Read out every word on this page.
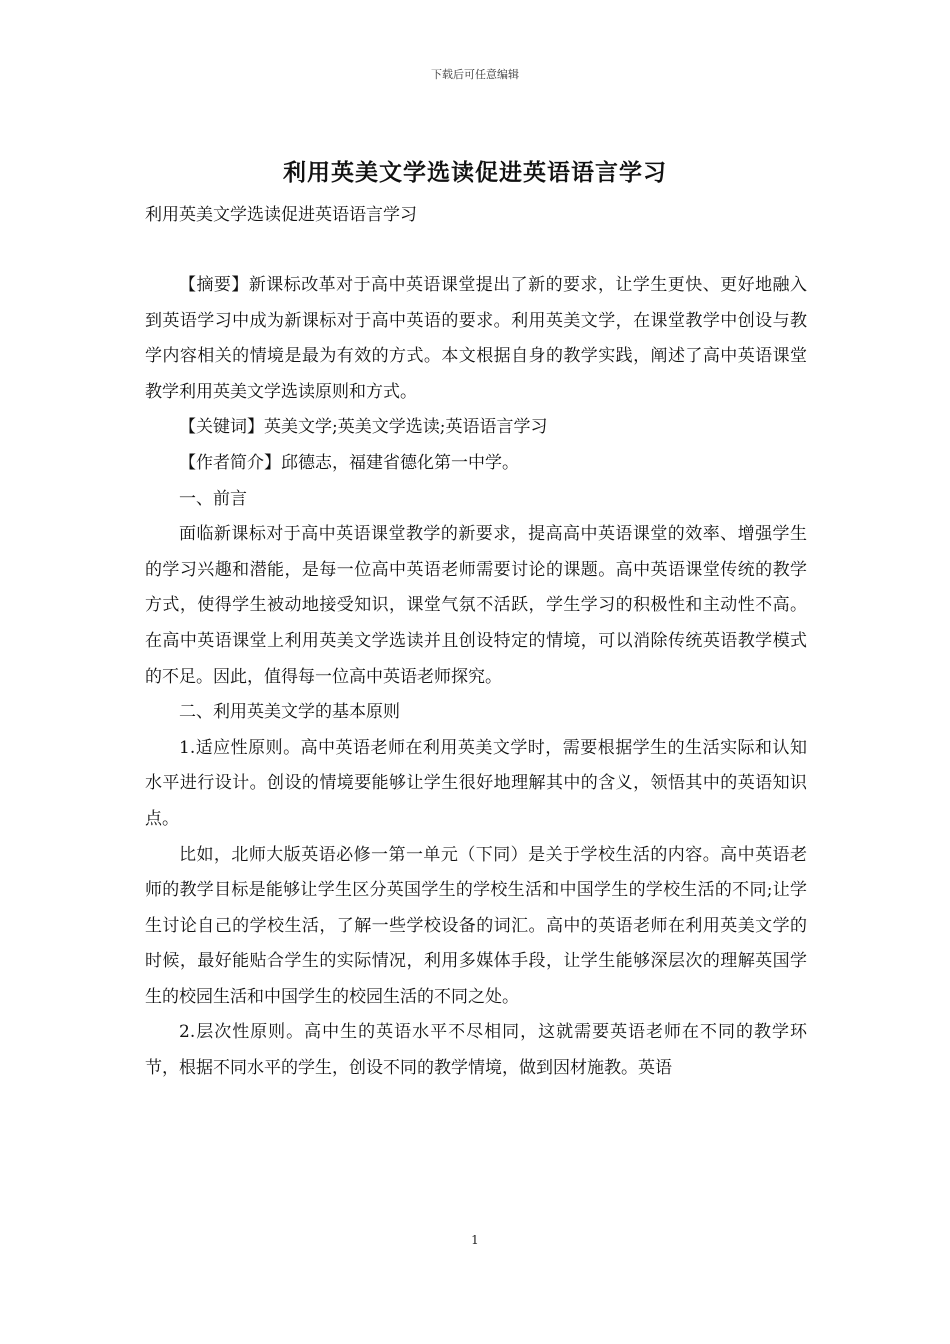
下载后可任意编辑
利用英美文学选读促进英语语言学习
利用英美文学选读促进英语语言学习

【摘要】新课标改革对于高中英语课堂提出了新的要求，让学生更快、更好地融入到英语学习中成为新课标对于高中英语的要求。利用英美文学，在课堂教学中创设与教学内容相关的情境是最为有效的方式。本文根据自身的教学实践，阐述了高中英语课堂教学利用英美文学选读原则和方式。

【关键词】英美文学;英美文学选读;英语语言学习

【作者简介】邱德志，福建省德化第一中学。

一、前言

面临新课标对于高中英语课堂教学的新要求，提高高中英语课堂的效率、增强学生的学习兴趣和潜能，是每一位高中英语老师需要讨论的课题。高中英语课堂传统的教学方式，使得学生被动地接受知识，课堂气氛不活跃，学生学习的积极性和主动性不高。在高中英语课堂上利用英美文学选读并且创设特定的情境，可以消除传统英语教学模式的不足。因此，值得每一位高中英语老师探究。

二、利用英美文学的基本原则

1.适应性原则。高中英语老师在利用英美文学时，需要根据学生的生活实际和认知水平进行设计。创设的情境要能够让学生很好地理解其中的含义，领悟其中的英语知识点。

比如，北师大版英语必修一第一单元（下同）是关于学校生活的内容。高中英语老师的教学目标是能够让学生区分英国学生的学校生活和中国学生的学校生活的不同;让学生讨论自己的学校生活，了解一些学校设备的词汇。高中的英语老师在利用英美文学的时候，最好能贴合学生的实际情况，利用多媒体手段，让学生能够深层次的理解英国学生的校园生活和中国学生的校园生活的不同之处。

2.层次性原则。高中生的英语水平不尽相同，这就需要英语老师在不同的教学环节，根据不同水平的学生，创设不同的教学情境，做到因材施教。英语

1
